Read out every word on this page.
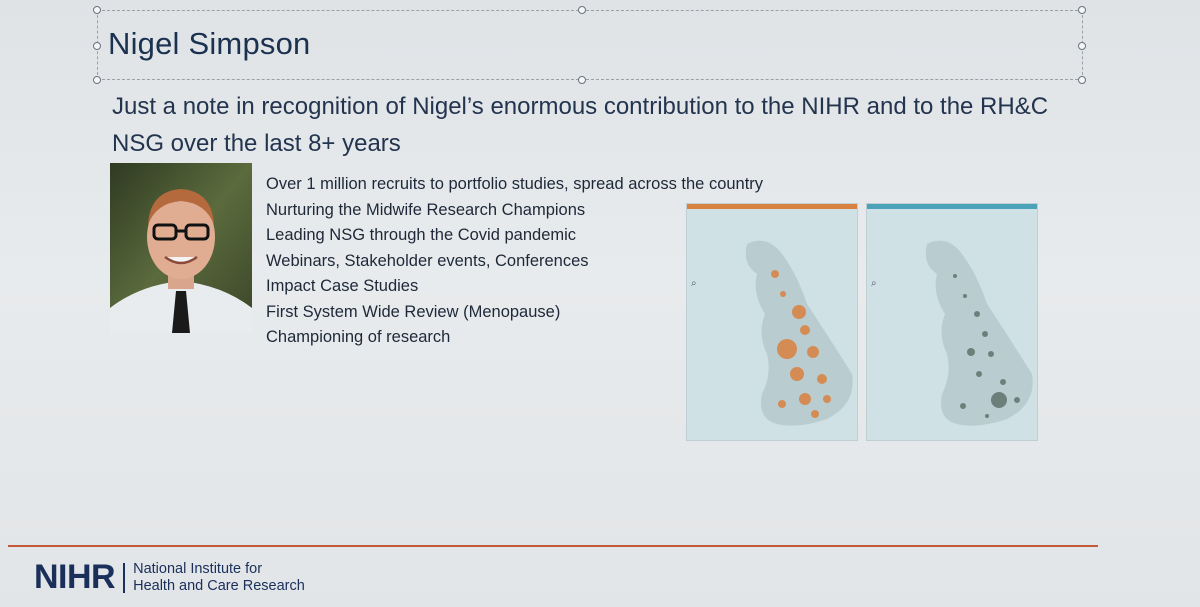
Nigel Simpson
Just a note in recognition of Nigel’s enormous contribution to the NIHR and to the RH&C NSG over the last 8+ years
Over 1 million recruits to portfolio studies, spread across the country
Nurturing the Midwife Research Champions
Leading NSG through the Covid pandemic
Webinars, Stakeholder events, Conferences
Impact Case Studies
First System Wide Review (Menopause)
Championing of research
⌕	⌕
NIHR National Institute for
Health and Care Research
